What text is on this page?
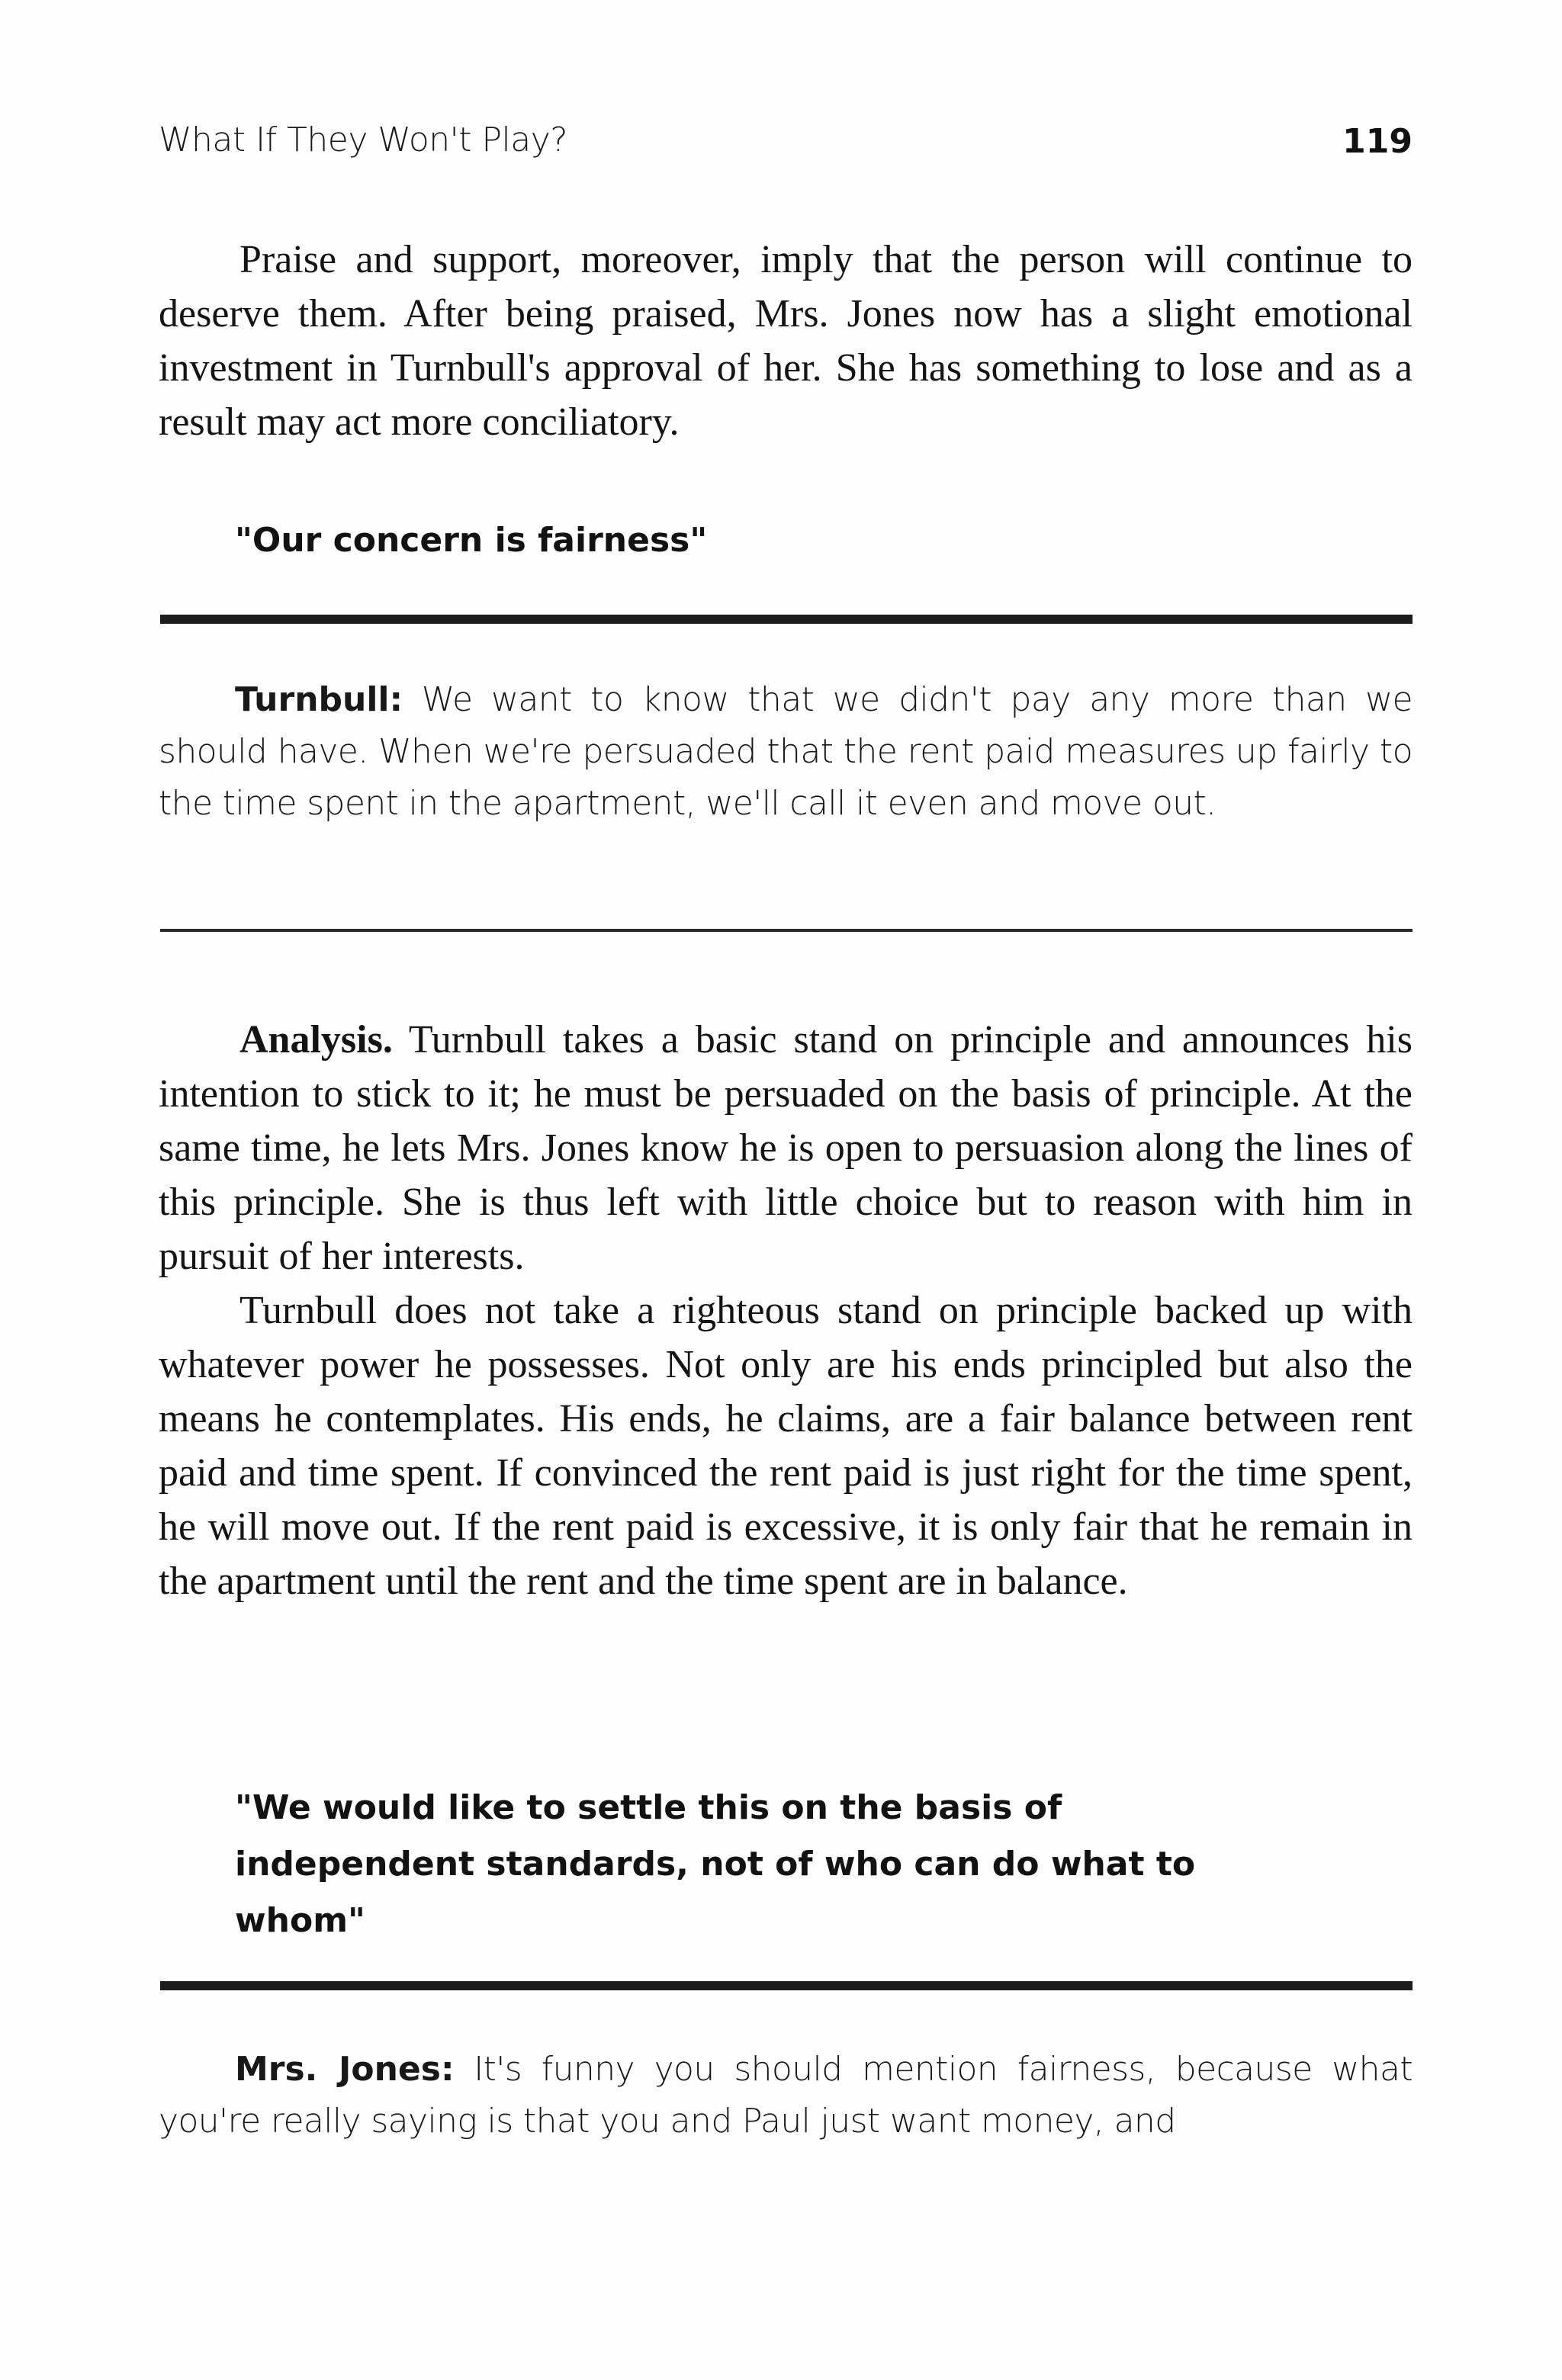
What If They Won't Play?	119

Praise and support, moreover, imply that the person will continue to deserve them. After being praised, Mrs. Jones now has a slight emotional investment in Turnbull's approval of her. She has something to lose and as a result may act more conciliatory.

"Our concern is fairness"
Turnbull: We want to know that we didn't pay any more than we should have. When we're persuaded that the rent paid measures up fairly to the time spent in the apartment, we'll call it even and move out.

Analysis. Turnbull takes a basic stand on principle and announces his intention to stick to it; he must be persuaded on the basis of principle. At the same time, he lets Mrs. Jones know he is open to persuasion along the lines of this principle. She is thus left with little choice but to reason with him in pursuit of her interests.

Turnbull does not take a righteous stand on principle backed up with whatever power he possesses. Not only are his ends principled but also the means he contemplates. His ends, he claims, are a fair balance between rent paid and time spent. If convinced the rent paid is just right for the time spent, he will move out. If the rent paid is excessive, it is only fair that he remain in the apartment until the rent and the time spent are in balance.

"We would like to settle this on the basis of
independent standards, not of who can do what to
whom"
Mrs. Jones: It's funny you should mention fairness, because what you're really saying is that you and Paul just want money, and
